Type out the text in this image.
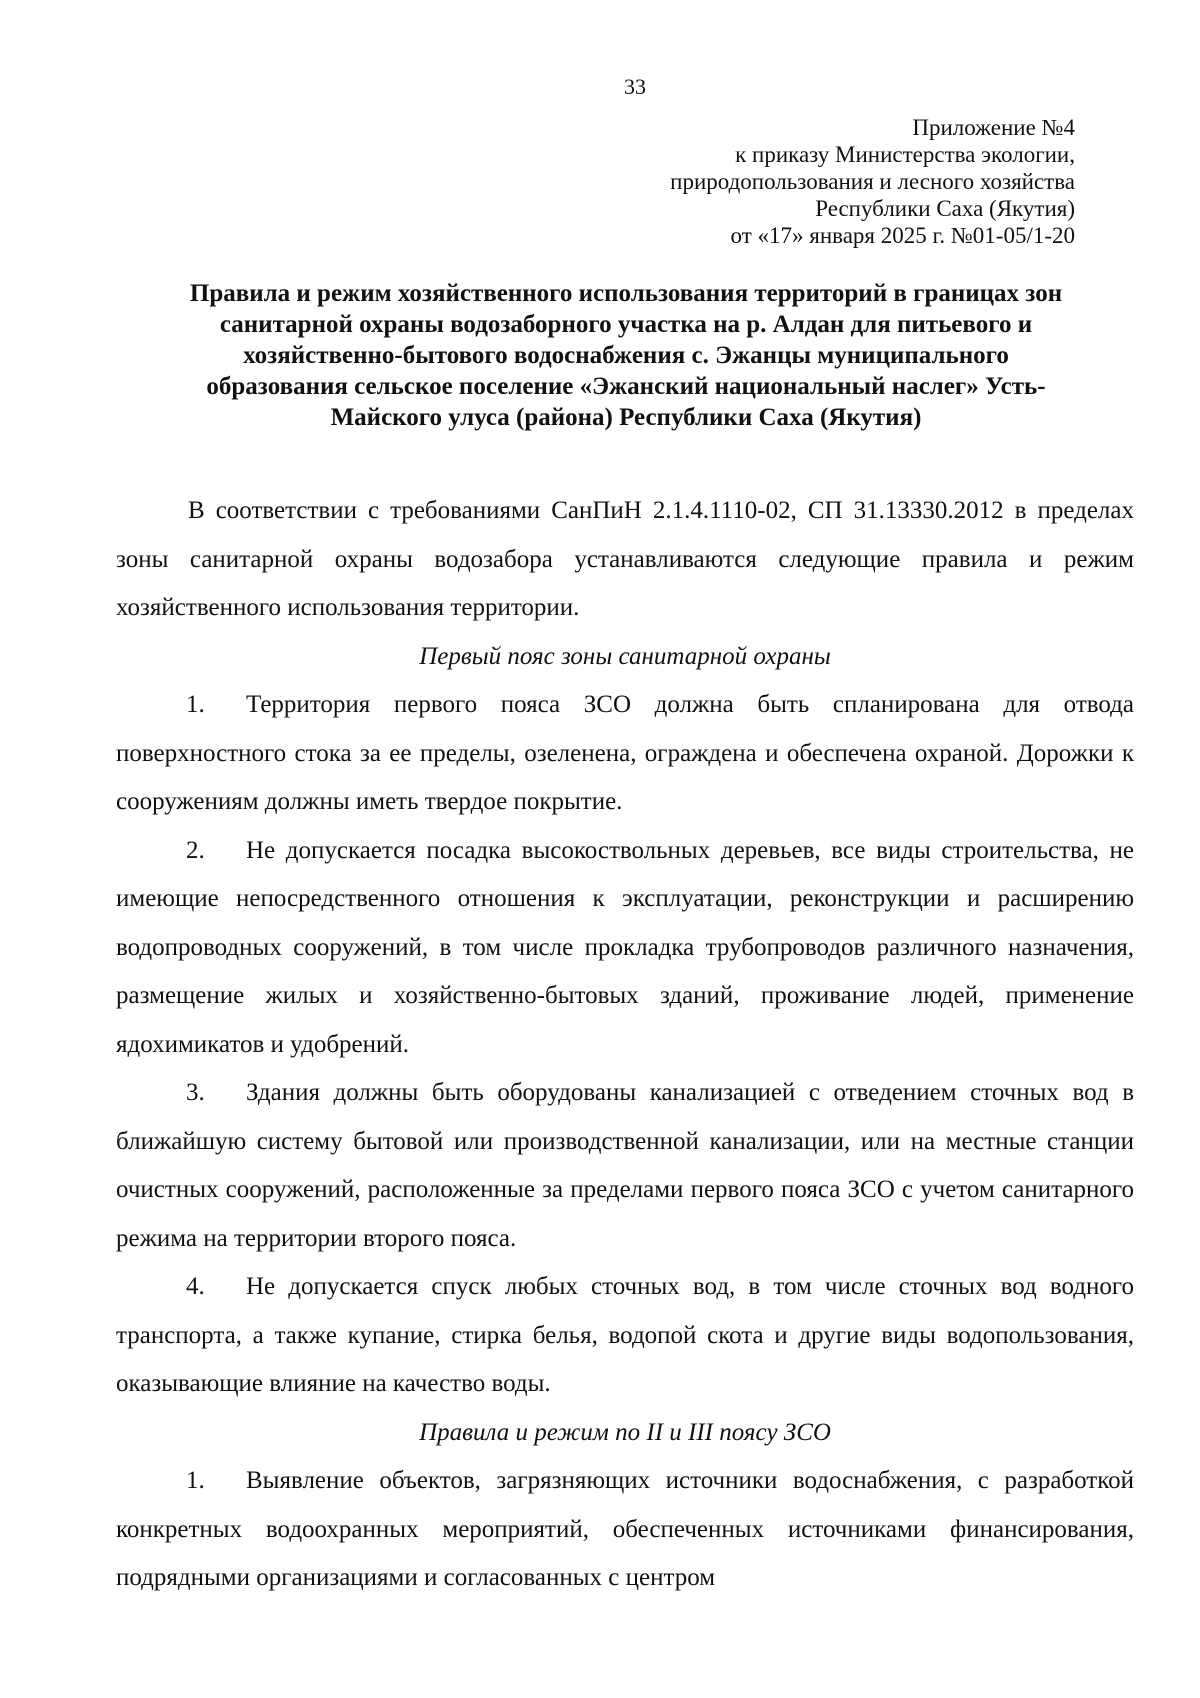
33
Приложение №4
к приказу Министерства экологии,
природопользования и лесного хозяйства
Республики Саха (Якутия)
от «17» января 2025 г. №01-05/1-20
Правила и режим хозяйственного использования территорий в границах зон
санитарной охраны водозаборного участка на р. Алдан для питьевого и
хозяйственно-бытового водоснабжения с. Эжанцы муниципального
образования сельское поселение «Эжанский национальный наслег» Усть-
Майского улуса (района) Республики Саха (Якутия)

В соответствии с требованиями СанПиН 2.1.4.1110-02, СП 31.13330.2012 в пределах зоны санитарной охраны водозабора устанавливаются следующие правила и режим хозяйственного использования территории.

Первый пояс зоны санитарной охраны

1. Территория первого пояса ЗСО должна быть спланирована для отвода поверхностного стока за ее пределы, озеленена, ограждена и обеспечена охраной. Дорожки к сооружениям должны иметь твердое покрытие.

2. Не допускается посадка высокоствольных деревьев, все виды строительства, не имеющие непосредственного отношения к эксплуатации, реконструкции и расширению водопроводных сооружений, в том числе прокладка трубопроводов различного назначения, размещение жилых и хозяйственно-бытовых зданий, проживание людей, применение ядохимикатов и удобрений.

3. Здания должны быть оборудованы канализацией с отведением сточных вод в ближайшую систему бытовой или производственной канализации, или на местные станции очистных сооружений, расположенные за пределами первого пояса ЗСО с учетом санитарного режима на территории второго пояса.

4. Не допускается спуск любых сточных вод, в том числе сточных вод водного транспорта, а также купание, стирка белья, водопой скота и другие виды водопользования, оказывающие влияние на качество воды.

Правила и режим по II и III поясу ЗСО

1. Выявление объектов, загрязняющих источники водоснабжения, с разработкой конкретных водоохранных мероприятий, обеспеченных источниками финансирования, подрядными организациями и согласованных с центром
